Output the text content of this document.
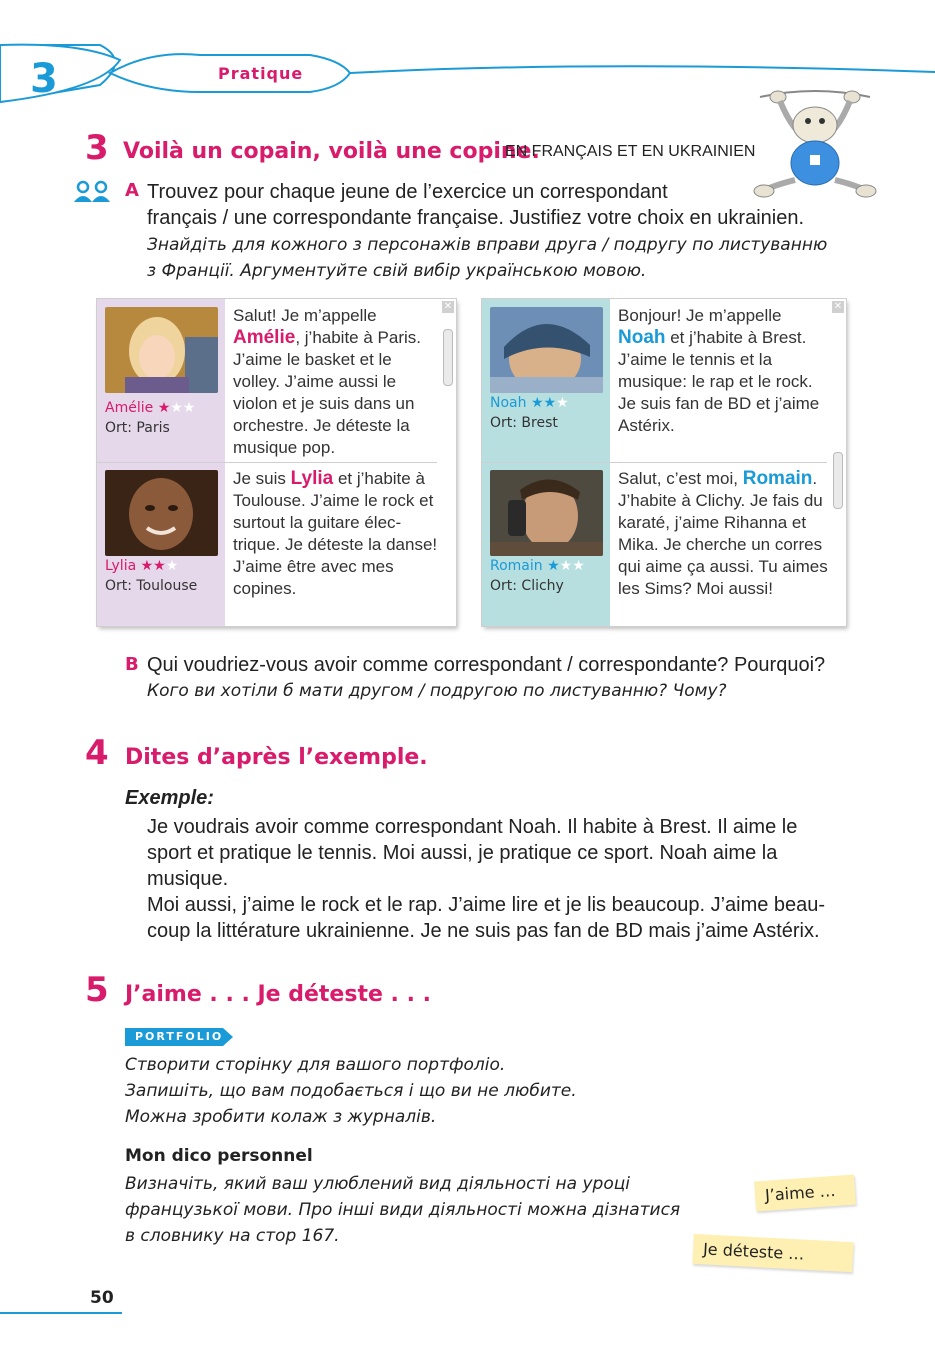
3	Pratique
3 Voilà un copain, voilà une copine.
EN FRANÇAIS ET EN UKRAINIEN
A Trouvez pour chaque jeune de l’exercice un correspondant
français / une correspondante française. Justifiez votre choix en ukrainien.
Знайдіть для кожного з персонажів вправи друга / подругу по листуванню
з Франції. Аргументуйте свій вибір українською мовою.
✕
Amélie ★★★
Ort: Paris
Salut! Je m’appelle
Amélie, j’habite à Paris.
J’aime le basket et le
volley. J’aime aussi le
violon et je suis dans un
orchestre. Je déteste la
musique pop.
Lylia ★★★
Ort: Toulouse
Je suis Lylia et j’habite à
Toulouse. J’aime le rock et
surtout la guitare élec-
trique. Je déteste la danse!
J’aime être avec mes
copines.
✕
Noah ★★★
Ort: Brest
Bonjour! Je m’appelle
Noah et j’habite à Brest.
J’aime le tennis et la
musique: le rap et le rock.
Je suis fan de BD et j’aime
Astérix.
Romain ★★★
Ort: Clichy
Salut, c’est moi, Romain.
J’habite à Clichy. Je fais du
karaté, j’aime Rihanna et
Mika. Je cherche un corres
qui aime ça aussi. Tu aimes
les Sims? Moi aussi!
B Qui voudriez-vous avoir comme correspondant / correspondante? Pourquoi?
Кого ви хотіли б мати другом / подругою по листуванню? Чому?
4 Dites d’après l’exemple.
Exemple:
Je voudrais avoir comme correspondant Noah. Il habite à Brest. Il aime le
sport et pratique le tennis. Moi aussi, je pratique ce sport. Noah aime la
musique.
Moi aussi, j’aime le rock et le rap. J’aime lire et je lis beaucoup. J’aime beau-
coup la littérature ukrainienne. Je ne suis pas fan de BD mais j’aime Astérix.
5 J’aime . . . Je déteste . . .
PORTFOLIO
Створити сторінку для вашого портфоліо.
Запишіть, що вам подобається і що ви не любите.
Можна зробити колаж з журналів.
Mon dico personnel
Визначіть, який ваш улюблений вид діяльності на уроці
французької мови. Про інші види діяльності можна дізнатися
в словнику на стор 167.
J’aime …
Je déteste …
50
